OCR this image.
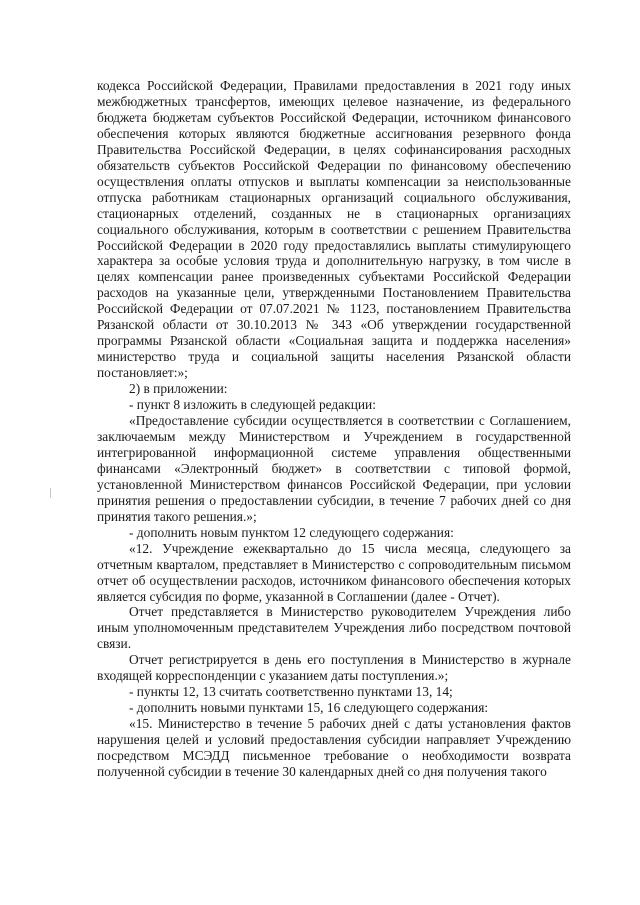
кодекса Российской Федерации, Правилами предоставления в 2021 году иных межбюджетных трансфертов, имеющих целевое назначение, из федерального бюджета бюджетам субъектов Российской Федерации, источником финансового обеспечения которых являются бюджетные ассигнования резервного фонда Правительства Российской Федерации, в целях софинансирования расходных обязательств субъектов Российской Федерации по финансовому обеспечению осуществления оплаты отпусков и выплаты компенсации за неиспользованные отпуска работникам стационарных организаций социального обслуживания, стационарных отделений, созданных не в стационарных организациях социального обслуживания, которым в соответствии с решением Правительства Российской Федерации в 2020 году предоставлялись выплаты стимулирующего характера за особые условия труда и дополнительную нагрузку, в том числе в целях компенсации ранее произведенных субъектами Российской Федерации расходов на указанные цели, утвержденными Постановлением Правительства Российской Федерации от 07.07.2021 № 1123, постановлением Правительства Рязанской области от 30.10.2013 № 343 «Об утверждении государственной программы Рязанской области «Социальная защита и поддержка населения» министерство труда и социальной защиты населения Рязанской области постановляет:»;

2) в приложении:

- пункт 8 изложить в следующей редакции:

«Предоставление субсидии осуществляется в соответствии с Соглашением, заключаемым между Министерством и Учреждением в государственной интегрированной информационной системе управления общественными финансами «Электронный бюджет» в соответствии с типовой формой, установленной Министерством финансов Российской Федерации, при условии принятия решения о предоставлении субсидии, в течение 7 рабочих дней со дня принятия такого решения.»;

- дополнить новым пунктом 12 следующего содержания:

«12. Учреждение ежеквартально до 15 числа месяца, следующего за отчетным кварталом, представляет в Министерство с сопроводительным письмом отчет об осуществлении расходов, источником финансового обеспечения которых является субсидия по форме, указанной в Соглашении (далее - Отчет).

Отчет представляется в Министерство руководителем Учреждения либо иным уполномоченным представителем Учреждения либо посредством почтовой связи.

Отчет регистрируется в день его поступления в Министерство в журнале входящей корреспонденции с указанием даты поступления.»;

- пункты 12, 13 считать соответственно пунктами 13, 14;

- дополнить новыми пунктами 15, 16 следующего содержания:

«15. Министерство в течение 5 рабочих дней с даты установления фактов нарушения целей и условий предоставления субсидии направляет Учреждению посредством МСЭДД письменное требование о необходимости возврата полученной субсидии в течение 30 календарных дней со дня получения такого
